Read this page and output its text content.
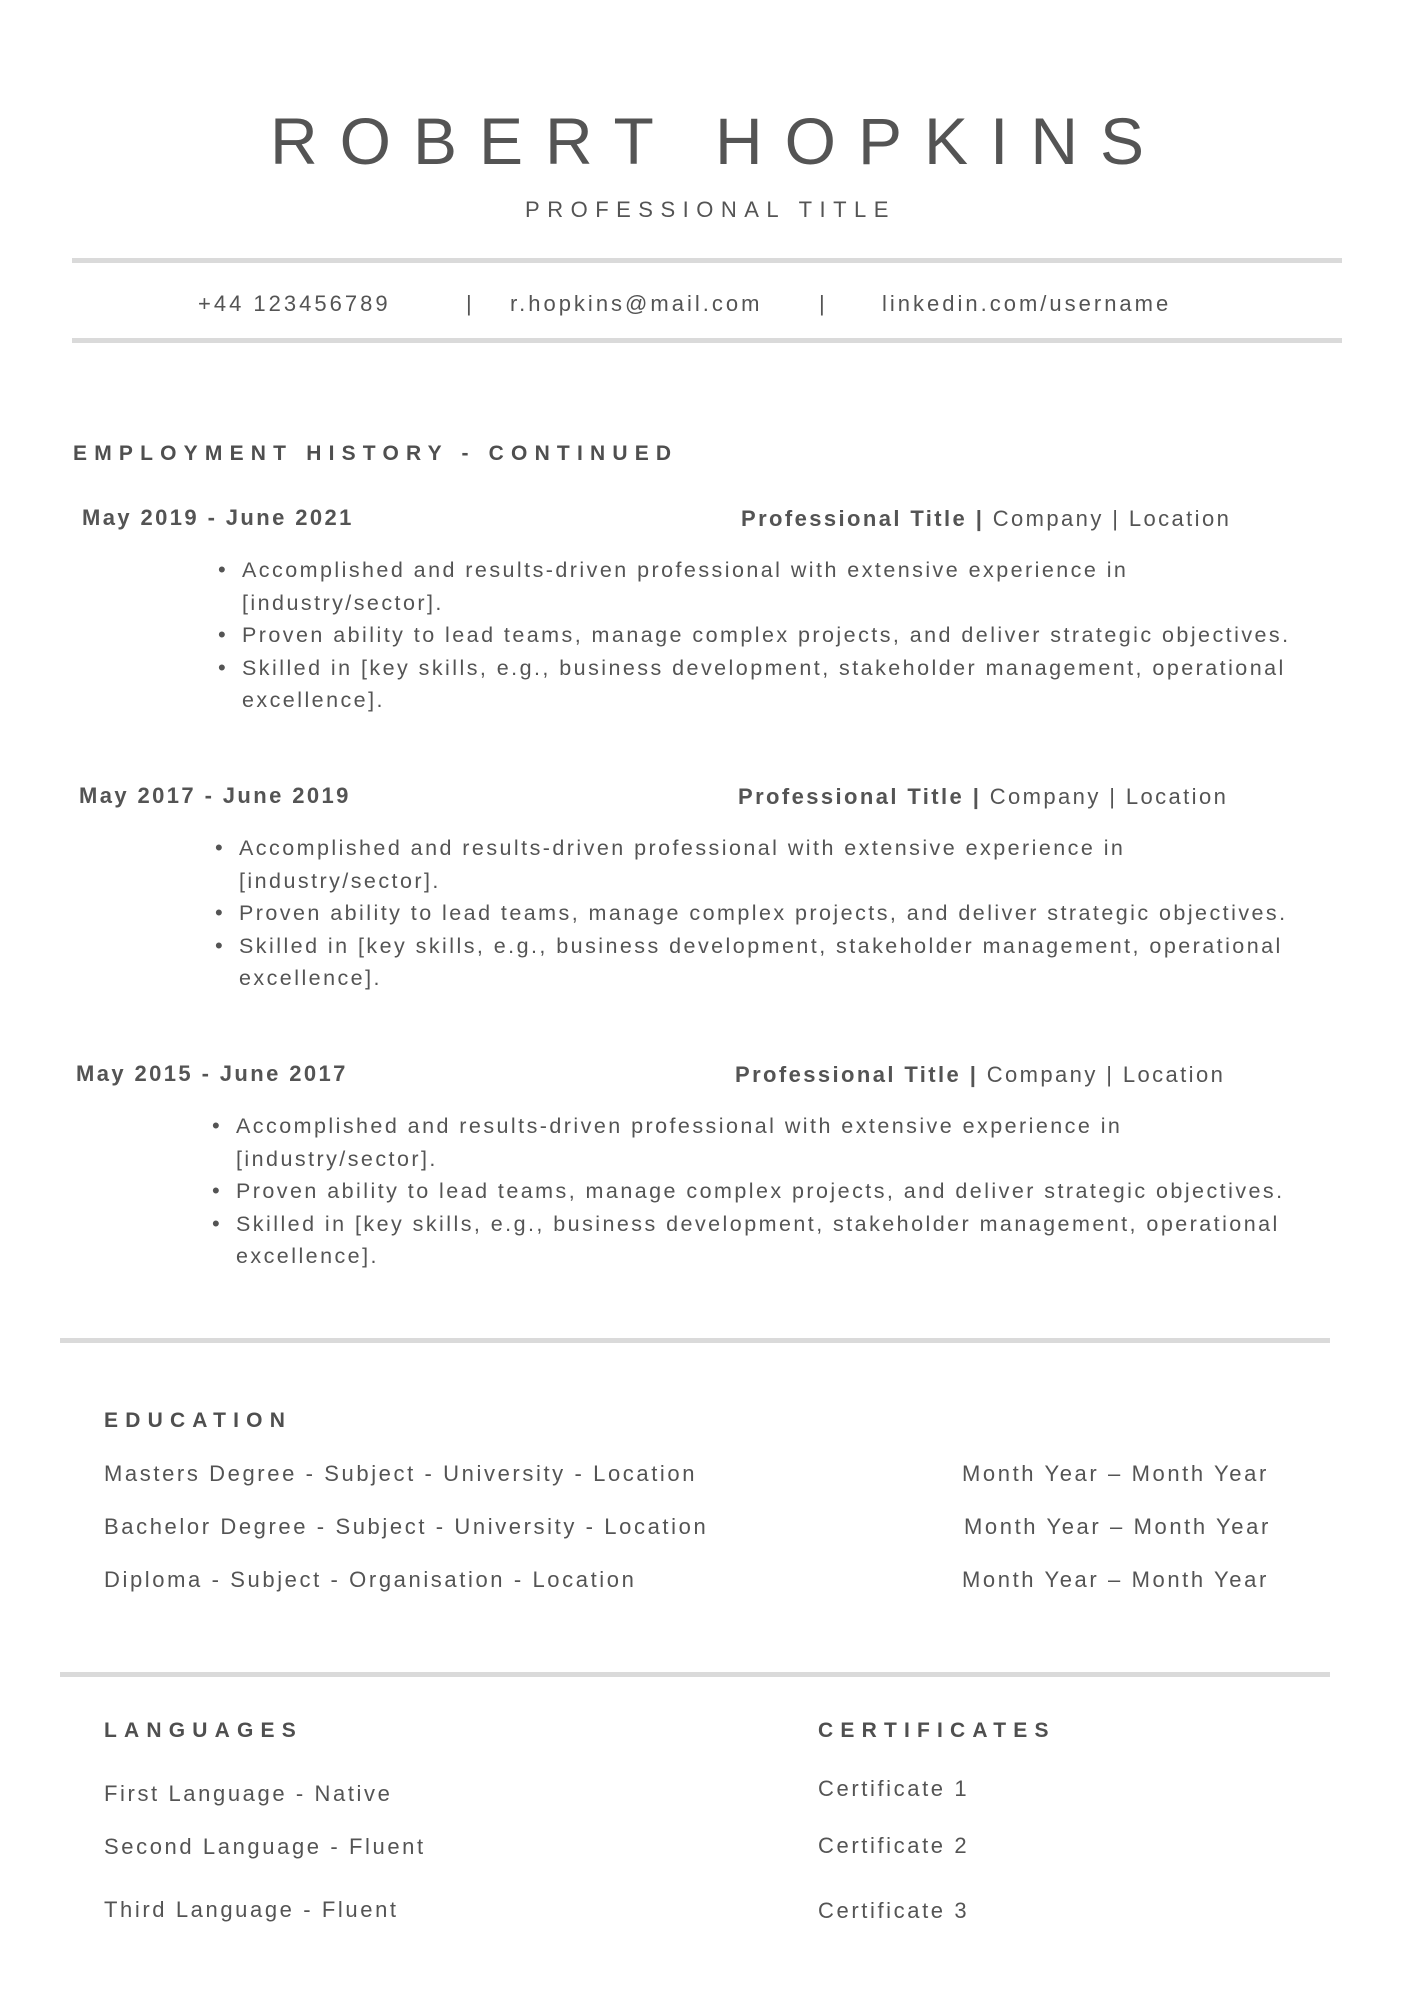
ROBERT HOPKINS
PROFESSIONAL TITLE
+44 123456789	| r.hopkins@mail.com	|	linkedin.com/username
EMPLOYMENT HISTORY - CONTINUED
May 2019 - June 2021	Professional Title | Company | Location
• Accomplished and results-driven professional with extensive experience in [industry/sector].
• Proven ability to lead teams, manage complex projects, and deliver strategic objectives.
• Skilled in [key skills, e.g., business development, stakeholder management, operational excellence].
May 2017 - June 2019	Professional Title | Company | Location
• Accomplished and results-driven professional with extensive experience in [industry/sector].
• Proven ability to lead teams, manage complex projects, and deliver strategic objectives.
• Skilled in [key skills, e.g., business development, stakeholder management, operational excellence].
May 2015 - June 2017	Professional Title | Company | Location
• Accomplished and results-driven professional with extensive experience in [industry/sector].
• Proven ability to lead teams, manage complex projects, and deliver strategic objectives.
• Skilled in [key skills, e.g., business development, stakeholder management, operational excellence].
EDUCATION
Masters Degree - Subject - University - Location	Month Year – Month Year
Bachelor Degree - Subject - University - Location	Month Year – Month Year
Diploma - Subject - Organisation - Location	Month Year – Month Year
LANGUAGES
First Language - Native
Second Language - Fluent
Third Language - Fluent
CERTIFICATES
Certificate 1
Certificate 2
Certificate 3
